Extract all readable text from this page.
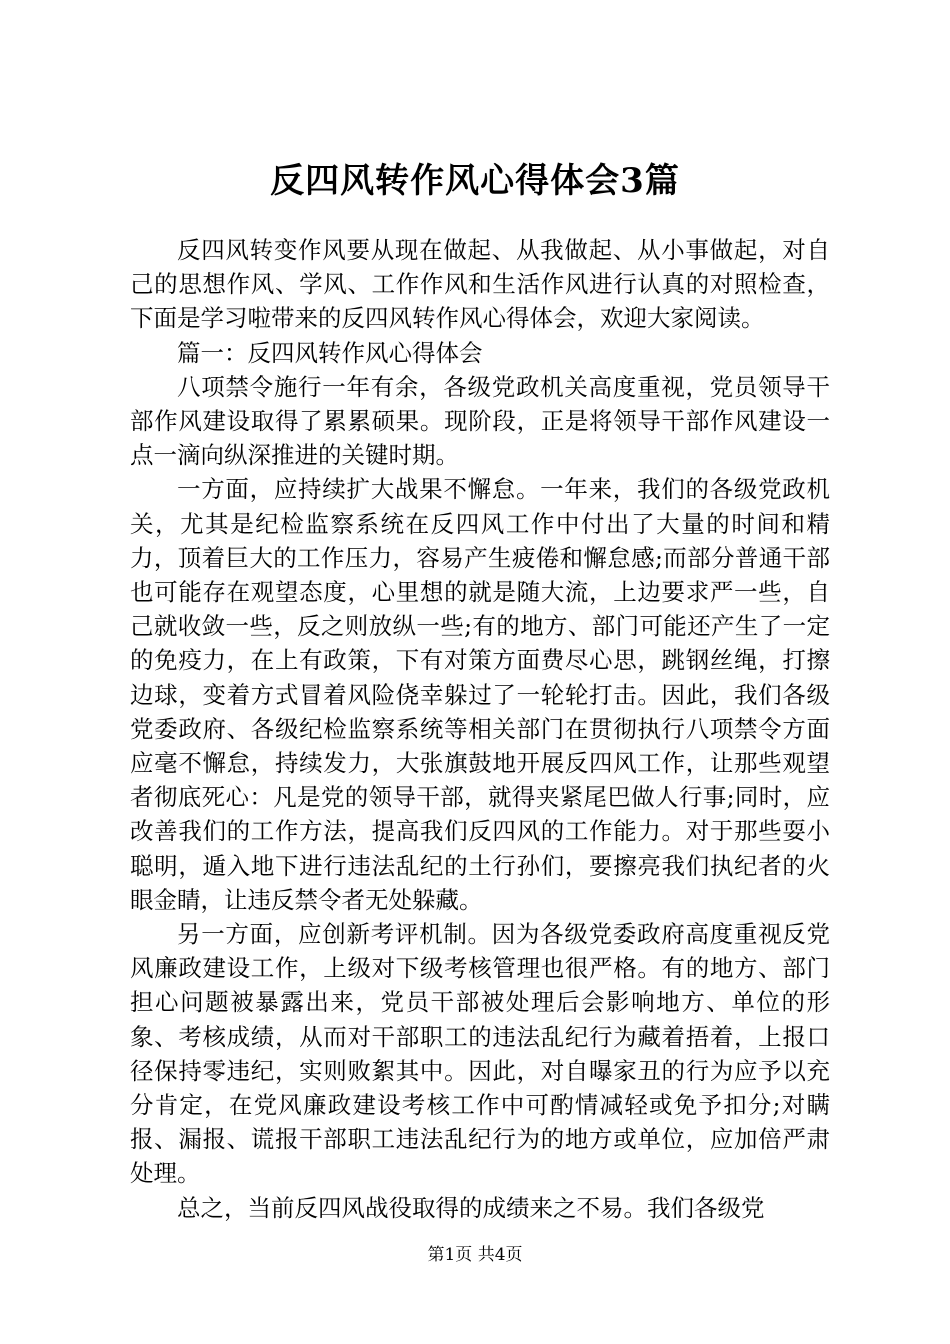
反四风转作风心得体会3篇

反四风转变作风要从现在做起、从我做起、从小事做起，对自己的思想作风、学风、工作作风和生活作风进行认真的对照检查，下面是学习啦带来的反四风转作风心得体会，欢迎大家阅读。

篇一：反四风转作风心得体会

八项禁令施行一年有余，各级党政机关高度重视，党员领导干部作风建设取得了累累硕果。现阶段，正是将领导干部作风建设一点一滴向纵深推进的关键时期。

一方面，应持续扩大战果不懈怠。一年来，我们的各级党政机关，尤其是纪检监察系统在反四风工作中付出了大量的时间和精力，顶着巨大的工作压力，容易产生疲倦和懈怠感;而部分普通干部也可能存在观望态度，心里想的就是随大流，上边要求严一些，自己就收敛一些，反之则放纵一些;有的地方、部门可能还产生了一定的免疫力，在上有政策，下有对策方面费尽心思，跳钢丝绳，打擦边球，变着方式冒着风险侥幸躲过了一轮轮打击。因此，我们各级党委政府、各级纪检监察系统等相关部门在贯彻执行八项禁令方面应毫不懈怠，持续发力，大张旗鼓地开展反四风工作，让那些观望者彻底死心：凡是党的领导干部，就得夹紧尾巴做人行事;同时，应改善我们的工作方法，提高我们反四风的工作能力。对于那些耍小聪明，遁入地下进行违法乱纪的土行孙们，要擦亮我们执纪者的火眼金睛，让违反禁令者无处躲藏。

另一方面，应创新考评机制。因为各级党委政府高度重视反党风廉政建设工作，上级对下级考核管理也很严格。有的地方、部门担心问题被暴露出来，党员干部被处理后会影响地方、单位的形象、考核成绩，从而对干部职工的违法乱纪行为藏着捂着，上报口径保持零违纪，实则败絮其中。因此，对自曝家丑的行为应予以充分肯定，在党风廉政建设考核工作中可酌情减轻或免予扣分;对瞒报、漏报、谎报干部职工违法乱纪行为的地方或单位，应加倍严肃处理。

总之，当前反四风战役取得的成绩来之不易。我们各级党

第1页 共4页
